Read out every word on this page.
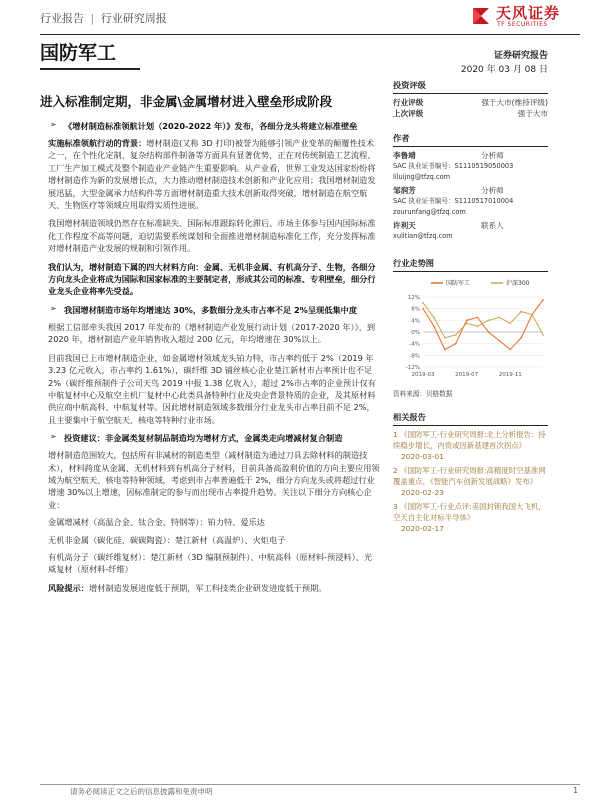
行业报告 | 行业研究周报	天风证券
TF SECURITIES
国防军工	证券研究报告
2020 年 03 月 08 日
进入标准制定期，非金属\金属增材进入壁垒形成阶段
投资评级
行业评级	强于大市(维持评级)
上次评级	强于大市
作者
李鲁靖	分析师
SAC 执业证书编号：S1110519050003
liluijng@tfzq.com
邹润芳	分析师
SAC 执业证书编号：S1110517010004
zourunfang@tfzq.com
许利天	联系人
xulitian@tfzq.com
行业走势图
-12%
-8%
-4%
0%
4%
8%
12%
2019-03	2019-07	2019-11
国防军工	沪深300
资料来源：贝格数据
相关报告
1 《国防军工-行业研究周报:北上分析报告：持续稳步增长，内资或因新基建首次拐点》
2020-03-01
2 《国防军工-行业研究周报:高精度时空基准网覆盖重点，《智能汽车创新发展战略》发布》
2020-02-23
3 《国防军工-行业点评:美国封锁我国大飞机，空天自主化对标半导体》
2020-02-17
➢ 《增材制造标准领航计划（2020-2022 年）》发布，各细分龙头将建立标准壁垒
实施标准领航行动的背景：增材制造(又称 3D 打印)被誉为能够引领产业变革的颠覆性技术之一，在个性化定制、复杂结构部件制备等方面具有显著优势，正在对传统制造工艺流程、工厂生产加工模式及整个制造业产业链产生重要影响。从产业看，世界工业发达国家纷纷将增材制造作为新的发展增长点，大力推动增材制造技术创新和产业化应用；我国增材制造发展迅猛，大型金属承力结构件等方面增材制造重大技术创新取得突破，增材制造在航空航天、生物医疗等领域应用取得实质性进展。
我国增材制造领域仍然存在标准缺失、国际标准跟踪转化滞后、市场主体参与国内国际标准化工作程度不高等问题，迫切需要系统谋划和全面推进增材制造标准化工作，充分发挥标准对增材制造产业发展的规制和引领作用。
我们认为，增材制造下属的四大材料方向：金属、无机非金属、有机高分子、生物，各细分方向龙头企业将成为国际和国家标准的主要制定者，形成其公司的标准、专利壁垒，细分行业龙头企业将率先受益。
➢ 我国增材制造市场年均增速达 30%，多数细分龙头市占率不足 2%呈现低集中度
根据工信部牵头我国 2017 年发布的《增材制造产业发展行动计划（2017-2020 年）》，到 2020 年，增材制造产业年销售收入超过 200 亿元，年均增速在 30%以上。
目前我国已上市增材制造企业，如金属增材领域龙头铂力特，市占率约低于 2%（2019 年 3.23 亿元收入，市占率约 1.61%），碳纤维 3D 铺丝核心企业楚江新材市占率预计也不足 2%（碳纤维预制件子公司天鸟 2019 中报 1.38 亿收入），超过 2%市占率的企业预计仅有中航复材中心及航空主机厂复材中心此类具备特种行业及央企背景特质的企业，及其原材料供应商中航高科、中航复材等。因此增材制造领域多数细分行业龙头市占率目前不足 2%，且主要集中于航空航天、核电等特种行业市场。
➢ 投资建议：非金属类复材制品制造均为增材方式，金属类走向增减材复合制造
增材制造范围较大，包括所有非减材的制造类型（减材制造为通过刀具去除材料的制造技术），材料跨度从金属、无机材料到有机高分子材料，目前具备高盈利价值的方向主要应用领域为航空航天、核电等特种领域，考虑到市占率普遍低于 2%，细分方向龙头或将超过行业增速 30%以上增速，因标准制定的参与而出现市占率提升趋势。关注以下细分方向核心企业：
金属增减材（高温合金、钛合金、特钢等）：铂力特、爱乐达
无机非金属（碳化硅、碳碳陶瓷）：楚江新材（高温炉）、火炬电子
有机高分子（碳纤维复材）：楚江新材（3D 编制预制件）、中航高科（原材料-预浸料）、光威复材（原材料-纤维）
风险提示：增材制造发展进度低于预期，军工科技类企业研发进度低于预期。
请务必阅读正文之后的信息披露和免责申明	1
